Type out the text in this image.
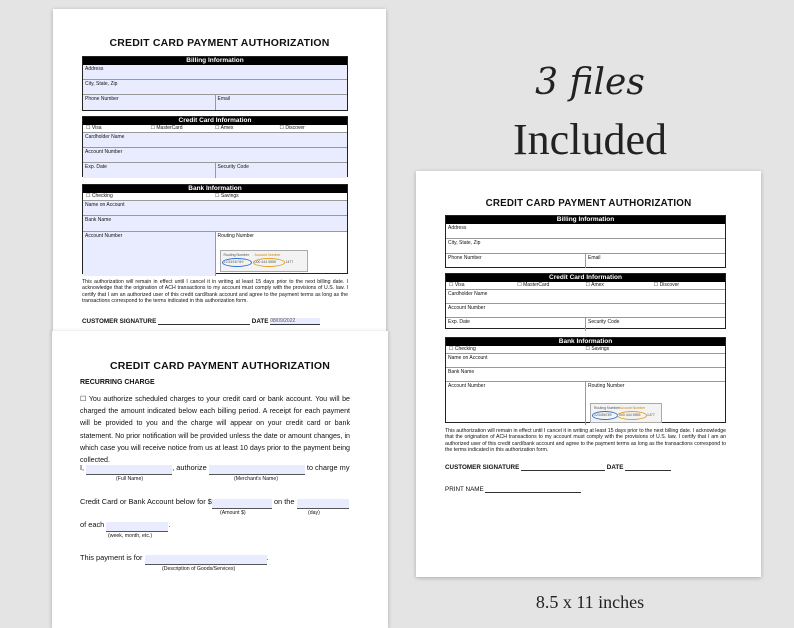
CREDIT CARD PAYMENT AUTHORIZATION
Billing Information
Address
City, State, Zip
Phone Number	Email
Credit Card Information
☐ Visa	☐ MasterCard	☐ Amex	☐ Discover
Cardholder Name
Account Number
Exp. Date	Security Code
Bank Information
☐ Checking	☐ Savings
Name on Account
Bank Name
Account Number	Routing Number
Routing Number Account Number
123456789	000 444 5555	1477
This authorization will remain in effect until I cancel it in writing at least 15 days prior to the next billing date. I acknowledge that the origination of ACH transactions to my account must comply with the provisions of U.S. law. I certify that I am an authorized user of this credit card/bank account and agree to the payment terms as long as the transactions correspond to the terms indicated in this authorization form.
CUSTOMER SIGNATURE	DATE 08/09/2022
CREDIT CARD PAYMENT AUTHORIZATION
RECURRING CHARGE
☐ You authorize scheduled charges to your credit card or bank account. You will be charged the amount indicated below each billing period. A receipt for each payment will be provided to you and the charge will appear on your credit card or bank statement. No prior notification will be provided unless the date or amount changes, in which case you will receive notice from us at least 10 days prior to the payment being collected.
I,	, authorize	to charge my
(Full Name)	(Merchant's Name)
Credit Card or Bank Account below for $	on the
(Amount $)	(day)
of each	.
(week, month, etc.)
This payment is for	.
(Description of Goods/Services)
CREDIT CARD PAYMENT AUTHORIZATION
Billing Information
Address
City, State, Zip
Phone Number	Email
Credit Card Information
☐ Visa	☐ MasterCard	☐ Amex	☐ Discover
Cardholder Name
Account Number
Exp. Date	Security Code
Bank Information
☐ Checking	☐ Savings
Name on Account
Bank Name
Account Number	Routing Number
Routing Number Account Number
123456789 000 444 5555 1477
This authorization will remain in effect until I cancel it in writing at least 15 days prior to the next billing date. I acknowledge that the origination of ACH transactions to my account must comply with the provisions of U.S. law. I certify that I am an authorized user of this credit card/bank account and agree to the payment terms as long as the transactions correspond to the terms indicated in this authorization form.
CUSTOMER SIGNATURE	DATE
PRINT NAME
3 files
Included
8.5 x 11 inches
